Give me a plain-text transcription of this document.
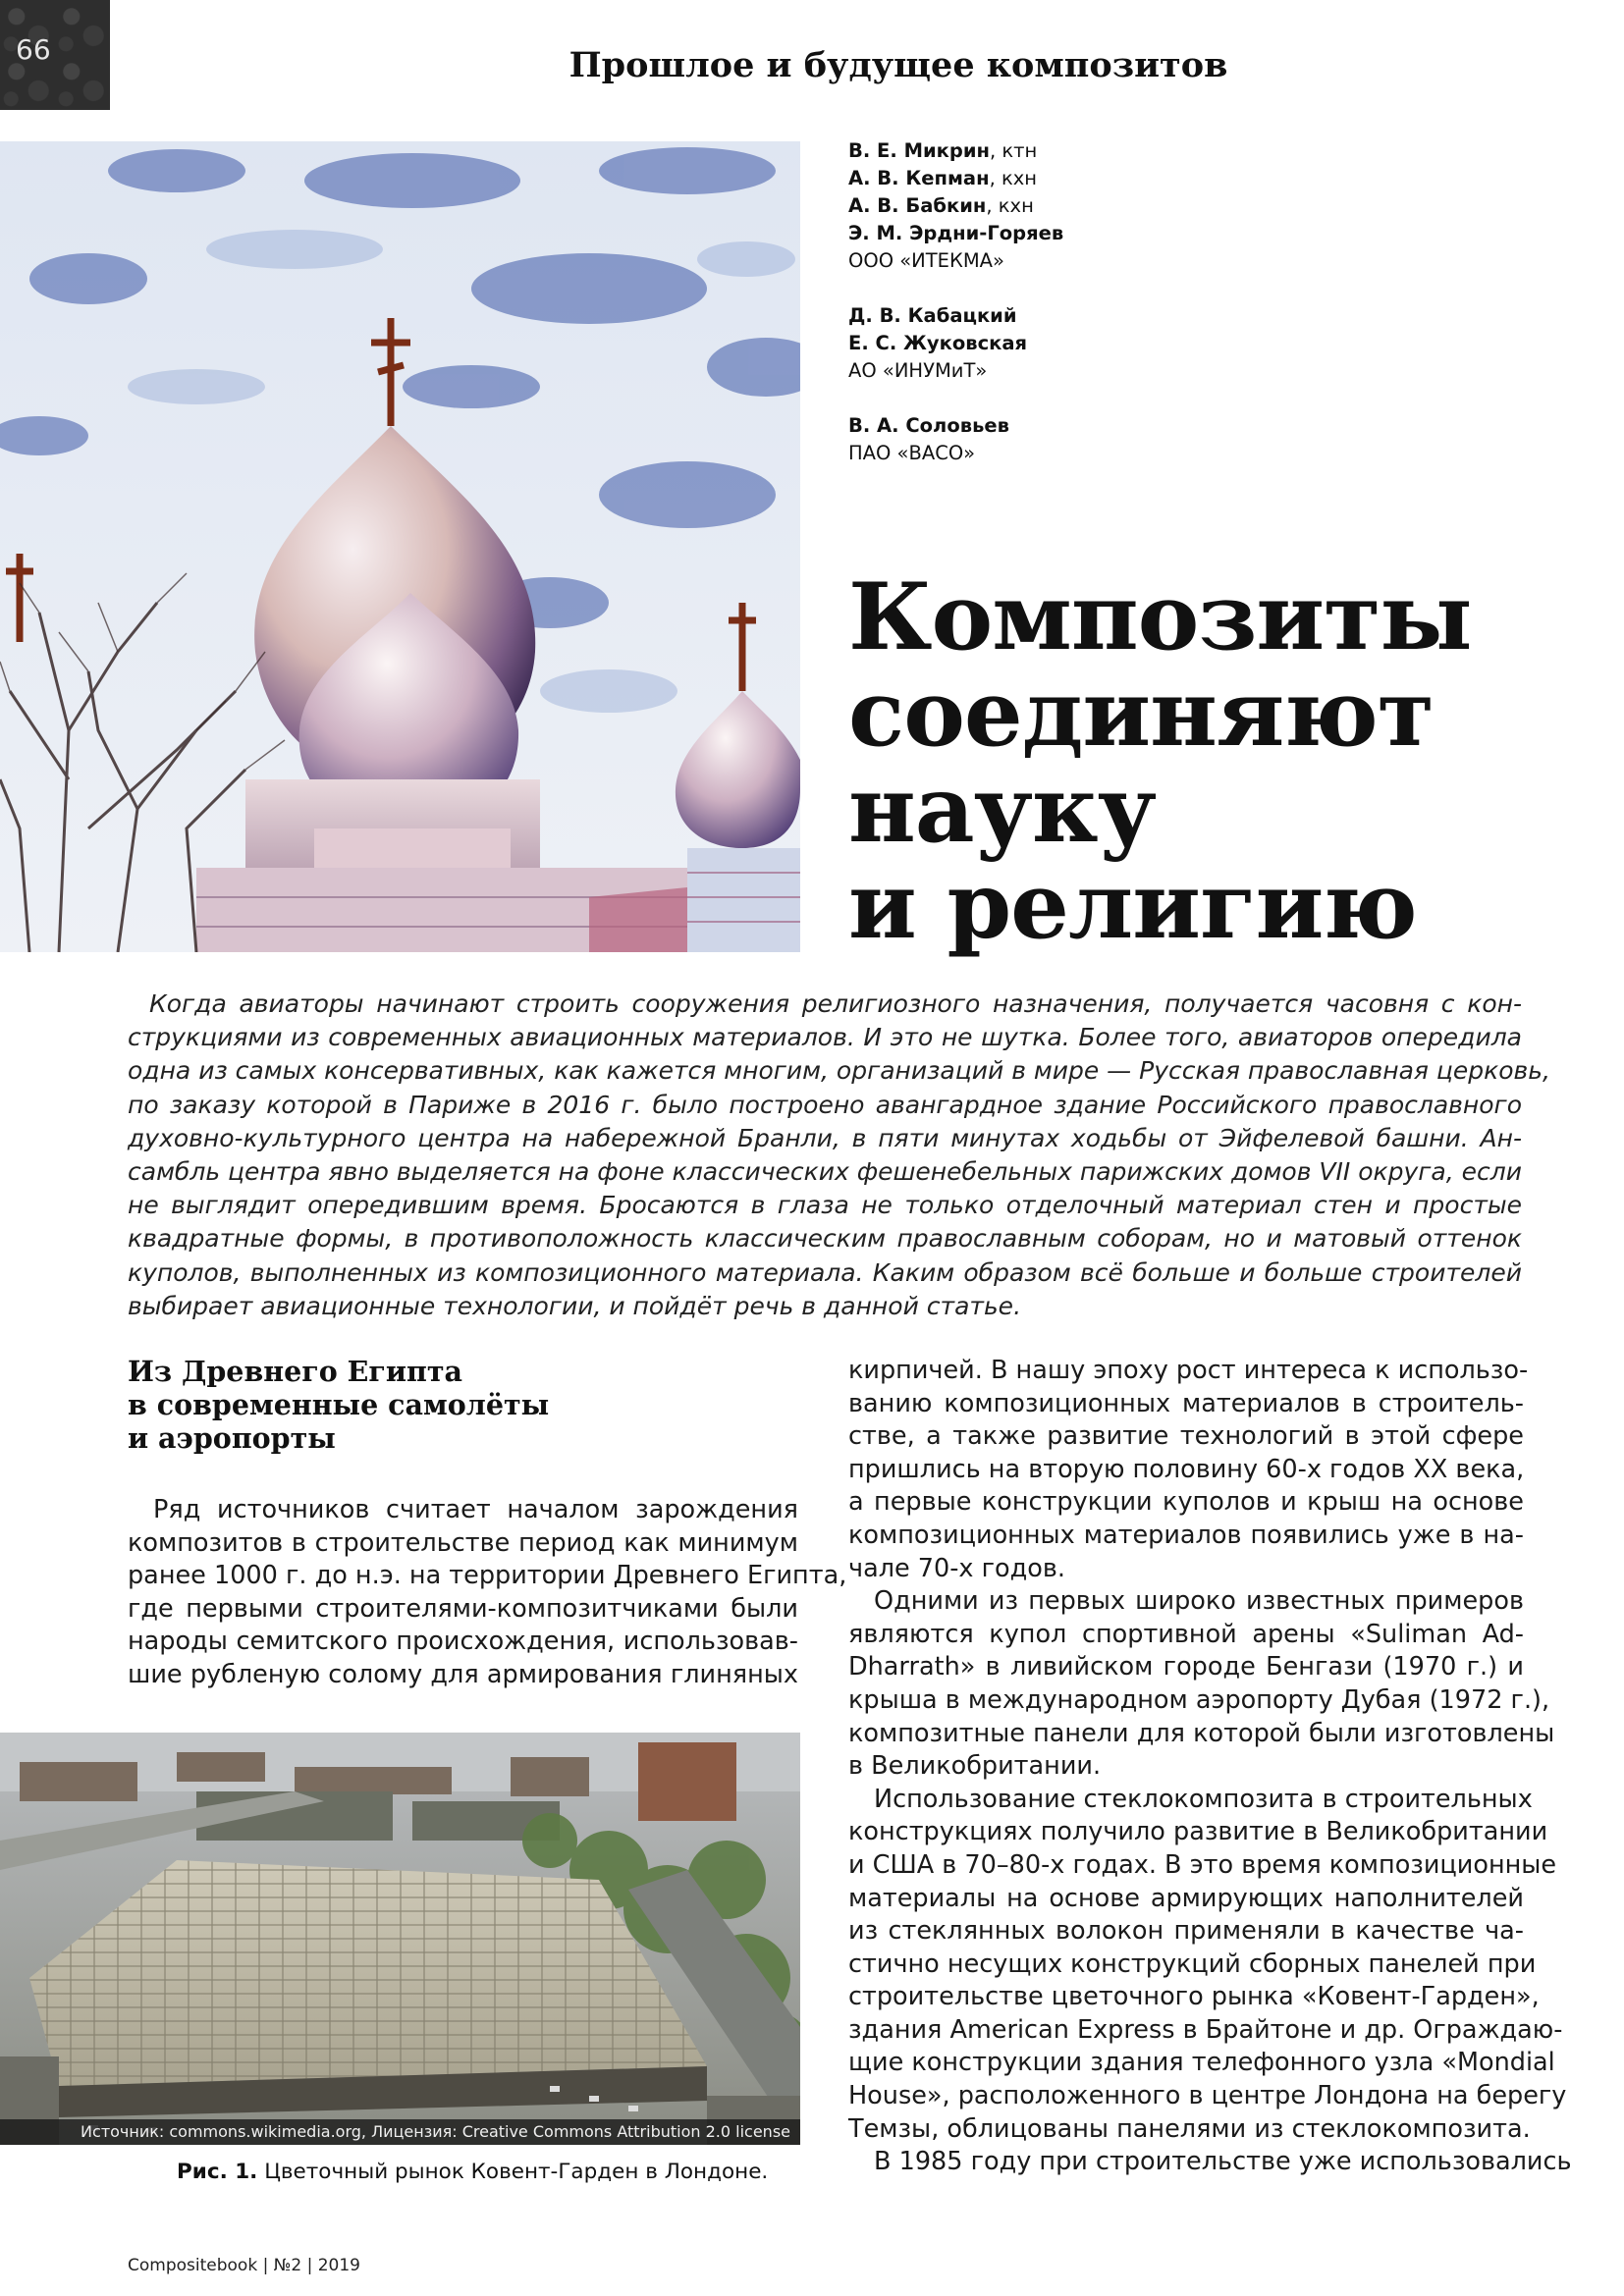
66	Прошлое и будущее композитов
В. Е. Микрин, ктн
А. В. Кепман, кхн
А. В. Бабкин, кхн
Э. М. Эрдни-Горяев
ООО «ИТЕКМА»
Д. В. Кабацкий
Е. С. Жуковская
АО «ИНУМиТ»
В. А. Соловьев
ПАО «ВАСО»
Композиты
соединяют
науку
и религию
Когда авиаторы начинают строить сооружения религиозного назначения, получается часовня с кон-
струкциями из современных авиационных материалов. И это не шутка. Более того, авиаторов опередила
одна из самых консервативных, как кажется многим, организаций в мире — Русская православная церковь,
по заказу которой в Париже в 2016 г. было построено авангардное здание Российского православного
духовно-культурного центра на набережной Бранли, в пяти минутах ходьбы от Эйфелевой башни. Ан-
самбль центра явно выделяется на фоне классических фешенебельных парижских домов VII округа, если
не выглядит опередившим время. Бросаются в глаза не только отделочный материал стен и простые
квадратные формы, в противоположность классическим православным соборам, но и матовый оттенок
куполов, выполненных из композиционного материала. Каким образом всё больше и больше строителей
выбирает авиационные технологии, и пойдёт речь в данной статье.
Из Древнего Египта
в современные самолёты
и аэропорты
Ряд источников считает началом зарождения
композитов в строительстве период как минимум
ранее 1000 г. до н.э. на территории Древнего Египта,
где первыми строителями-композитчиками были
народы семитского происхождения, использовав-
шие рубленую солому для армирования глиняных
Источник: commons.wikimedia.org, Лицензия: Creative Commons Attribution 2.0 license
Рис. 1. Цветочный рынок Ковент-Гарден в Лондоне.
кирпичей. В нашу эпоху рост интереса к использо-
ванию композиционных материалов в строитель-
стве, а также развитие технологий в этой сфере
пришлись на вторую половину 60-х годов XX века,
а первые конструкции куполов и крыш на основе
композиционных материалов появились уже в на-
чале 70-х годов.
Одними из первых широко известных примеров
являются купол спортивной арены «Suliman Ad-
Dharrath» в ливийском городе Бенгази (1970 г.) и
крыша в международном аэропорту Дубая (1972 г.),
композитные панели для которой были изготовлены
в Великобритании.
Использование стеклокомпозита в строительных
конструкциях получило развитие в Великобритании
и США в 70–80-х годах. В это время композиционные
материалы на основе армирующих наполнителей
из стеклянных волокон применяли в качестве ча-
стично несущих конструкций сборных панелей при
строительстве цветочного рынка «Ковент-Гарден»,
здания American Express в Брайтоне и др. Ограждаю-
щие конструкции здания телефонного узла «Mondial
House», расположенного в центре Лондона на берегу
Темзы, облицованы панелями из стеклокомпозита.
В 1985 году при строительстве уже использовались
Compositebook | №2 | 2019
